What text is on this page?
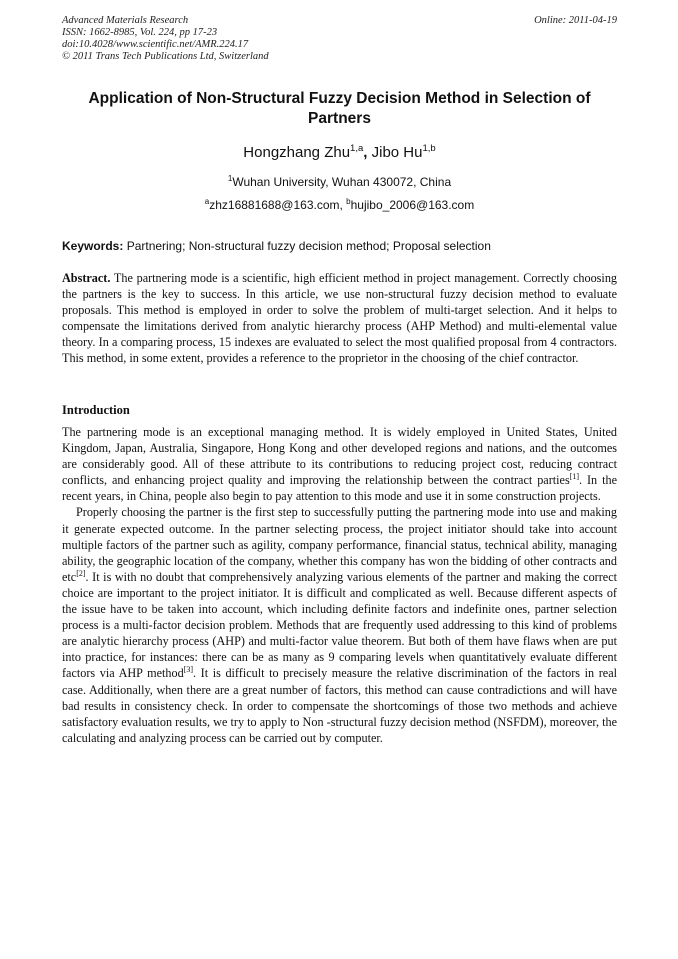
Advanced Materials Research	Online: 2011-04-19
ISSN: 1662-8985, Vol. 224, pp 17-23
doi:10.4028/www.scientific.net/AMR.224.17
© 2011 Trans Tech Publications Ltd, Switzerland
Application of Non-Structural Fuzzy Decision Method in Selection of Partners
Hongzhang Zhu$^{1,a}$, Jibo Hu$^{1,b}$
$^1$Wuhan University, Wuhan 430072, China
$^a$zhz16881688@163.com, $^b$hujibo_2006@163.com
Keywords: Partnering; Non-structural fuzzy decision method; Proposal selection
Abstract. The partnering mode is a scientific, high efficient method in project management. Correctly choosing the partners is the key to success. In this article, we use non-structural fuzzy decision method to evaluate proposals. This method is employed in order to solve the problem of multi-target selection. And it helps to compensate the limitations derived from analytic hierarchy process (AHP Method) and multi-elemental value theory. In a comparing process, 15 indexes are evaluated to select the most qualified proposal from 4 contractors. This method, in some extent, provides a reference to the proprietor in the choosing of the chief contractor.
Introduction

The partnering mode is an exceptional managing method. It is widely employed in United States, United Kingdom, Japan, Australia, Singapore, Hong Kong and other developed regions and nations, and the outcomes are considerably good. All of these attribute to its contributions to reducing project cost, reducing contract conflicts, and enhancing project quality and improving the relationship between the contract parties[1]. In the recent years, in China, people also begin to pay attention to this mode and use it in some construction projects.

Properly choosing the partner is the first step to successfully putting the partnering mode into use and making it generate expected outcome. In the partner selecting process, the project initiator should take into account multiple factors of the partner such as agility, company performance, financial status, technical ability, managing ability, the geographic location of the company, whether this company has won the bidding of other contracts and etc[2]. It is with no doubt that comprehensively analyzing various elements of the partner and making the correct choice are important to the project initiator. It is difficult and complicated as well. Because different aspects of the issue have to be taken into account, which including definite factors and indefinite ones, partner selection process is a multi-factor decision problem. Methods that are frequently used addressing to this kind of problems are analytic hierarchy process (AHP) and multi-factor value theorem. But both of them have flaws when are put into practice, for instances: there can be as many as 9 comparing levels when quantitatively evaluate different factors via AHP method[3]. It is difficult to precisely measure the relative discrimination of the factors in real case. Additionally, when there are a great number of factors, this method can cause contradictions and will have bad results in consistency check. In order to compensate the shortcomings of those two methods and achieve satisfactory evaluation results, we try to apply to Non -structural fuzzy decision method (NSFDM), moreover, the calculating and analyzing process can be carried out by computer.
